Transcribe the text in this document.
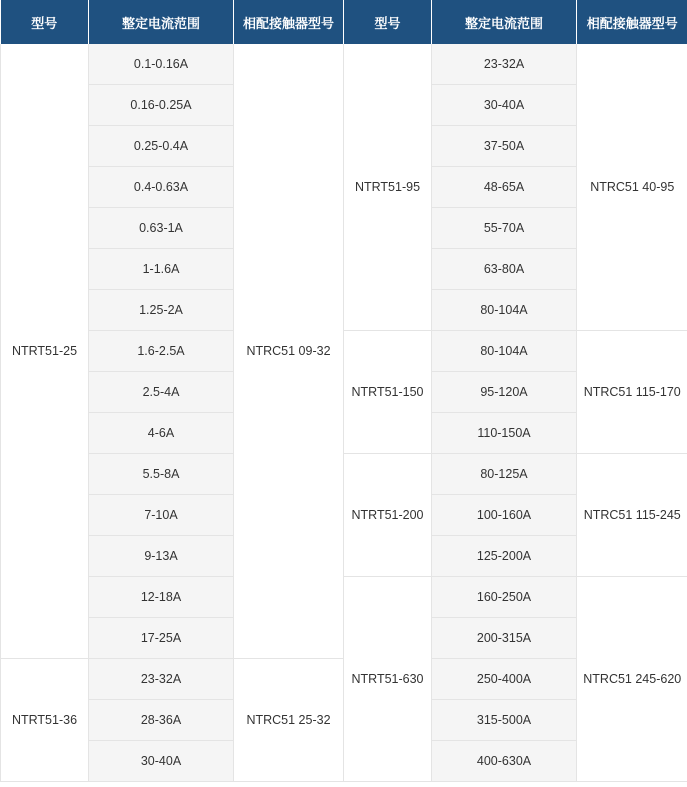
型号	整定电流范围	相配接触器型号	型号	整定电流范围	相配接触器型号
NTRT51-25	0.1-0.16A	NTRC51 09-32	NTRT51-95	23-32A	NTRC51 40-95
	0.16-0.25A			30-40A	
	0.25-0.4A			37-50A	
	0.4-0.63A			48-65A	
	0.63-1A			55-70A	
	1-1.6A			63-80A	
	1.25-2A			80-104A	
	1.6-2.5A		NTRT51-150	80-104A	NTRC51 115-170
	2.5-4A			95-120A	
	4-6A			110-150A	
	5.5-8A		NTRT51-200	80-125A	NTRC51 115-245
	7-10A			100-160A	
	9-13A			125-200A	
	12-18A		NTRT51-630	160-250A	NTRC51 245-620
	17-25A			200-315A	
NTRT51-36	23-32A	NTRC51 25-32		250-400A	
	28-36A			315-500A	
	30-40A			400-630A	
